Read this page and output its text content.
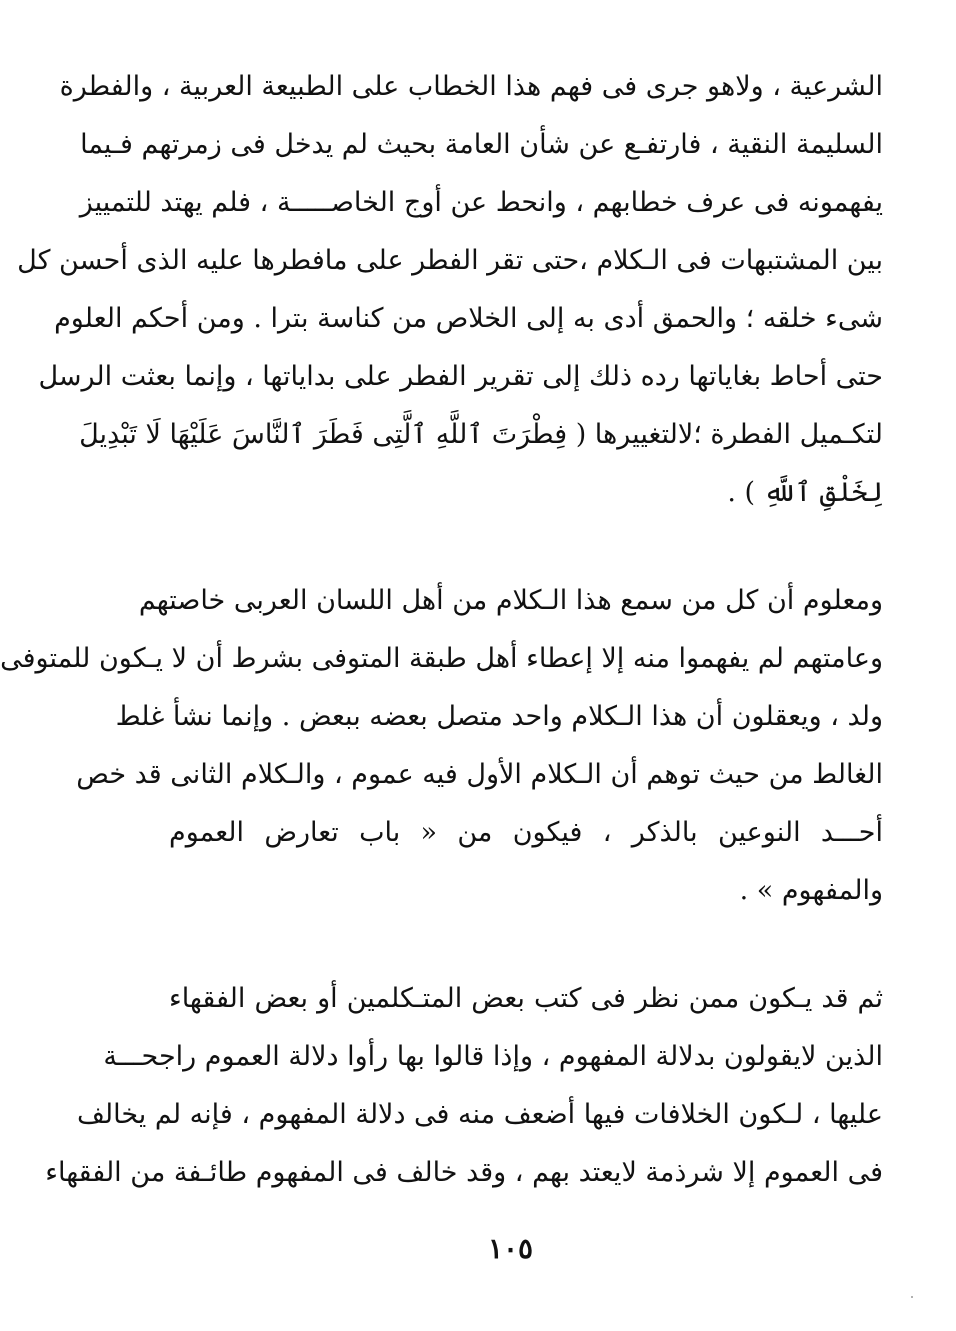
الشرعية ، ولاهو جرى فى فهم هذا الخطاب على الطبيعة العربية ، والفطرة
السليمة النقية ، فارتفـع عن شأن العامة بحيث لم يدخل فى زمرتهم فـيما
يفهمونه فى عرف خطابهم ، وانحط عن أوج الخاصـــــة ، فلم يهتد للتمييز
بين المشتبهات فى الـكلام ،حتى تقر الفطر على مافطرها عليه الذى أحسن كل
شىء خلقه ؛ والحمق أدى به إلى الخلاص من كناسة بترا . ومن أحكم العلوم
حتى أحاط بغاياتها رده ذلك إلى تقرير الفطر على بداياتها ، وإنما بعثت الرسل
لتكـميل الفطرة ؛لالتغييرها ( فِطْرَتَ ٱللَّهِ ٱلَّتِى فَطَرَ ٱلنَّاسَ عَلَيْهَا لَا تَبْدِيلَ
لِخَلْقِ ٱللَّهِ ) .
ومعلوم أن كل من سمع هذا الـكلام من أهل اللسان العربى خاصتهم
وعامتهم لم يفهموا منه إلا إعطاء أهل طبقة المتوفى بشرط أن لا يـكون للمتوفى
ولد ، ويعقلون أن هذا الـكلام واحد متصل بعضه ببعض . وإنما نشأ غلط
الغالط من حيث توهم أن الـكلام الأول فيه عموم ، والـكلام الثانى قد خص
أحـــد النوعين بالذكر ، فيكون من « باب تعارض العموم
والمفهوم » .
ثم قد يـكون ممن نظر فى كتب بعض المتـكلمين أو بعض الفقهاء
الذين لايقولون بدلالة المفهوم ، وإذا قالوا بها رأوا دلالة العموم راجحـــة
عليها ، لـكون الخلافات فيها أضعف منه فى دلالة المفهوم ، فإنه لم يخالف
فى العموم إلا شرذمة لايعتد بهم ، وقد خالف فى المفهوم طائـفة من الفقهاء
١٠٥
